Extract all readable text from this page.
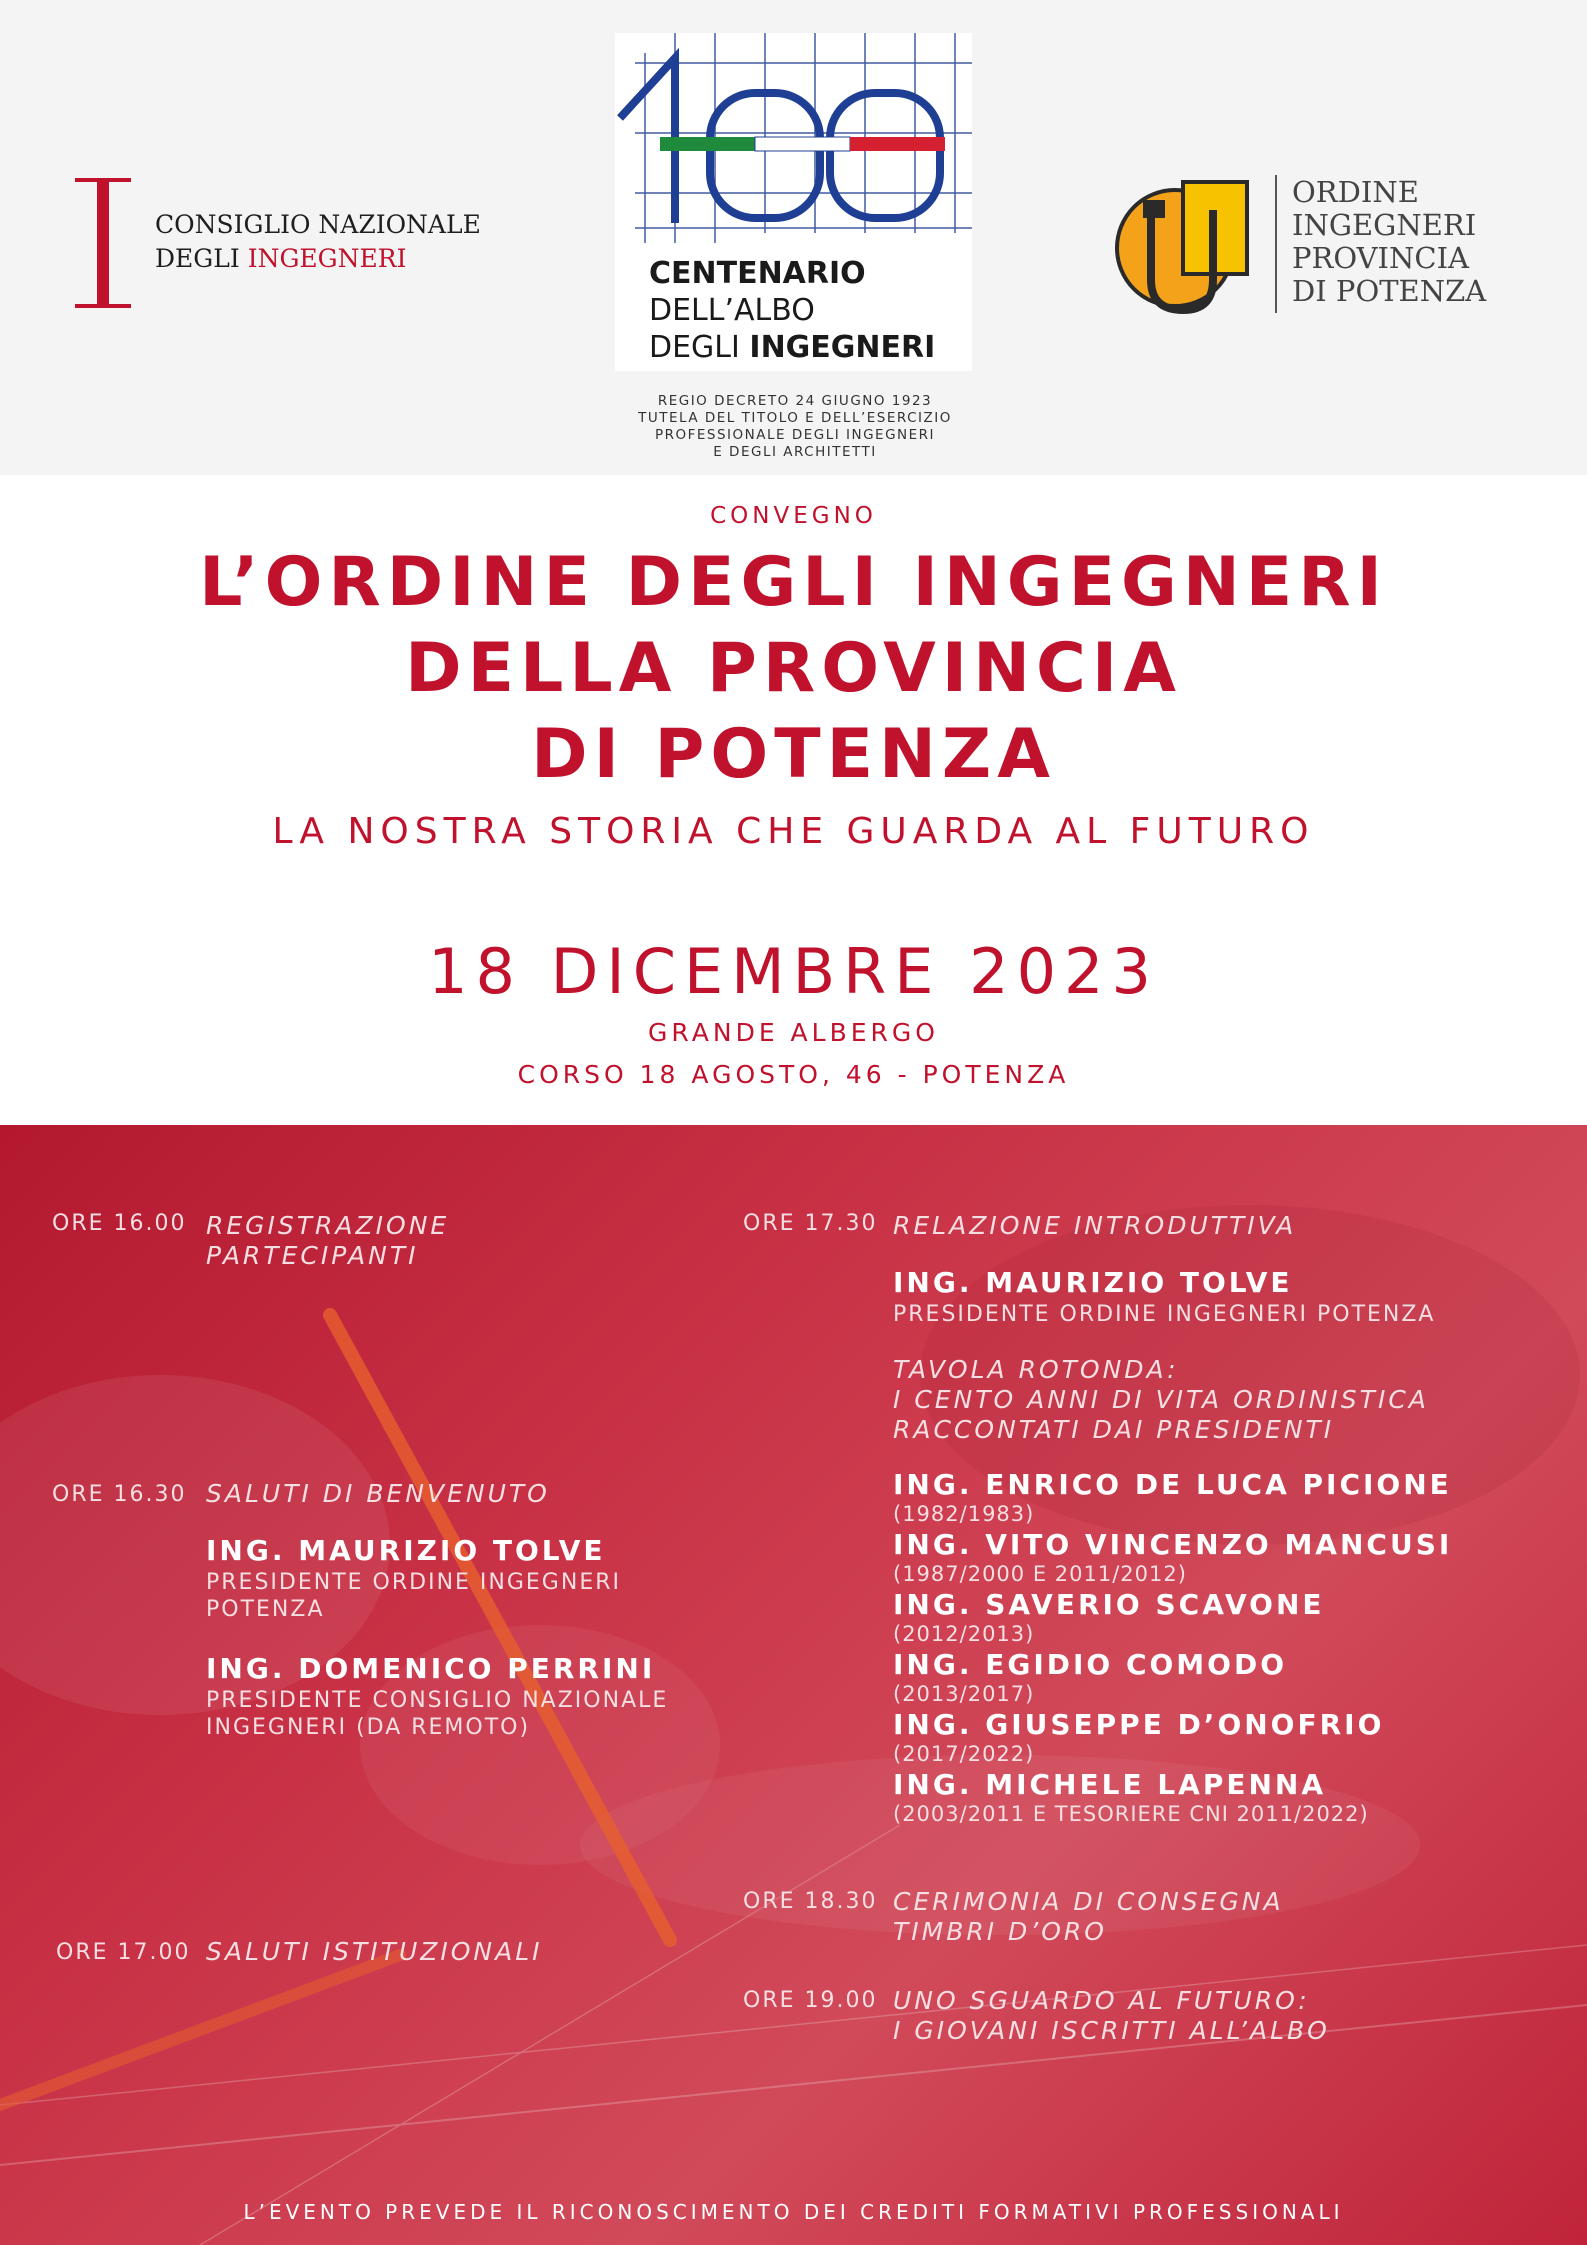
CONSIGLIO NAZIONALE
DEGLI INGEGNERI	CENTENARIO
DELL’ALBO
DEGLI INGEGNERI
REGIO DECRETO 24 GIUGNO 1923
TUTELA DEL TITOLO E DELL’ESERCIZIO
PROFESSIONALE DEGLI INGEGNERI
E DEGLI ARCHITETTI
ORDINE
INGEGNERI
PROVINCIA
DI POTENZA
CONVEGNO
L’ORDINE DEGLI INGEGNERI
DELLA PROVINCIA
DI POTENZA
LA NOSTRA STORIA CHE GUARDA AL FUTURO
18 DICEMBRE 2023
GRANDE ALBERGO
CORSO 18 AGOSTO, 46 - POTENZA
ORE 16.00 REGISTRAZIONE
PARTECIPANTI
ORE 16.30 SALUTI DI BENVENUTO
ING. MAURIZIO TOLVE
PRESIDENTE ORDINE INGEGNERI
POTENZA
ING. DOMENICO PERRINI
PRESIDENTE CONSIGLIO NAZIONALE
INGEGNERI (DA REMOTO)
ORE 17.00 SALUTI ISTITUZIONALI
ORE 17.30 RELAZIONE INTRODUTTIVA
ING. MAURIZIO TOLVE
PRESIDENTE ORDINE INGEGNERI POTENZA
TAVOLA ROTONDA:
I CENTO ANNI DI VITA ORDINISTICA
RACCONTATI DAI PRESIDENTI
ING. ENRICO DE LUCA PICIONE
(1982/1983)
ING. VITO VINCENZO MANCUSI
(1987/2000 E 2011/2012)
ING. SAVERIO SCAVONE
(2012/2013)
ING. EGIDIO COMODO
(2013/2017)
ING. GIUSEPPE D’ONOFRIO
(2017/2022)
ING. MICHELE LAPENNA
(2003/2011 E TESORIERE CNI 2011/2022)
ORE 18.30 CERIMONIA DI CONSEGNA
TIMBRI D’ORO
ORE 19.00 UNO SGUARDO AL FUTURO:
I GIOVANI ISCRITTI ALL’ALBO
L’EVENTO PREVEDE IL RICONOSCIMENTO DEI CREDITI FORMATIVI PROFESSIONALI
